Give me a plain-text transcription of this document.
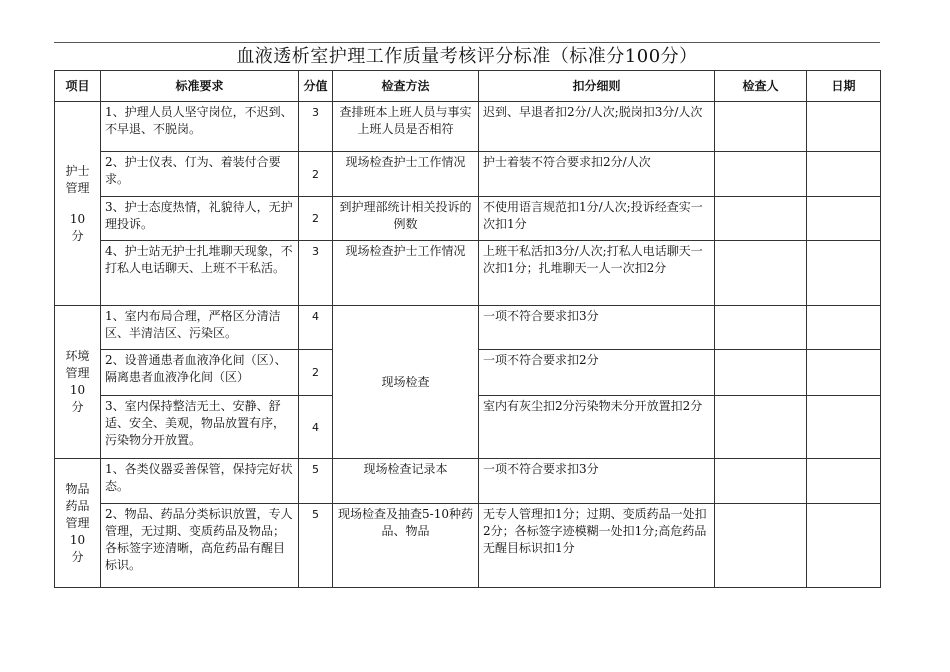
血液透析室护理工作质量考核评分标准（标准分100分）
项目	标准要求	分值	检查方法	扣分细则	检查人	日期

护士
管理
10
分	1、护理人员人坚守岗位，不迟到、不早退、不脱岗。	3	查排班本上班人员与事实上班人员是否相符	迟到、早退者扣2分/人次;脱岗扣3分/人次		
	2、护士仪表、仃为、着装付合要求。	2	现场检查护士工作情况	护士着装不符合要求扣2分/人次		
	3、护士态度热情，礼貌待人，无护理投诉。	2	到护理部统计相关投诉的例数	不使用语言规范扣1分/人次;投诉经查实一次扣1分		
	4、护士站无护士扎堆聊天现象，不打私人电话聊天、上班不干私活。	3	现场检查护士工作情况	上班干私活扣3分/人次;打私人电话聊天一次扣1分；扎堆聊天一人一次扣2分		

环境
管理
10
分	1、室内布局合理，严格区分清洁区、半清洁区、污染区。	4	现场检查	一项不符合要求扣3分		
	2、设普通患者血液净化间（区）、隔离患者血液净化间（区）	2		一项不符合要求扣2分		
	3、室内保持整洁无土、安静、舒适、安全、美观，物品放置有序，污染物分开放置。	4		室内有灰尘扣2分污染物未分开放置扣2分		

物品
药品
管理
10
分	1、各类仪器妥善保管，保持完好状态。	5	现场检查记录本	一项不符合要求扣3分		
	2、物品、药品分类标识放置，专人管理，无过期、变质药品及物品；各标签字迹清晰，高危药品有醒目标识。	5	现场检查及抽查5-10种药品、物品	无专人管理扣1分；过期、变质药品一处扣2分；各标签字迹模糊一处扣1分;高危药品无醒目标识扣1分		
